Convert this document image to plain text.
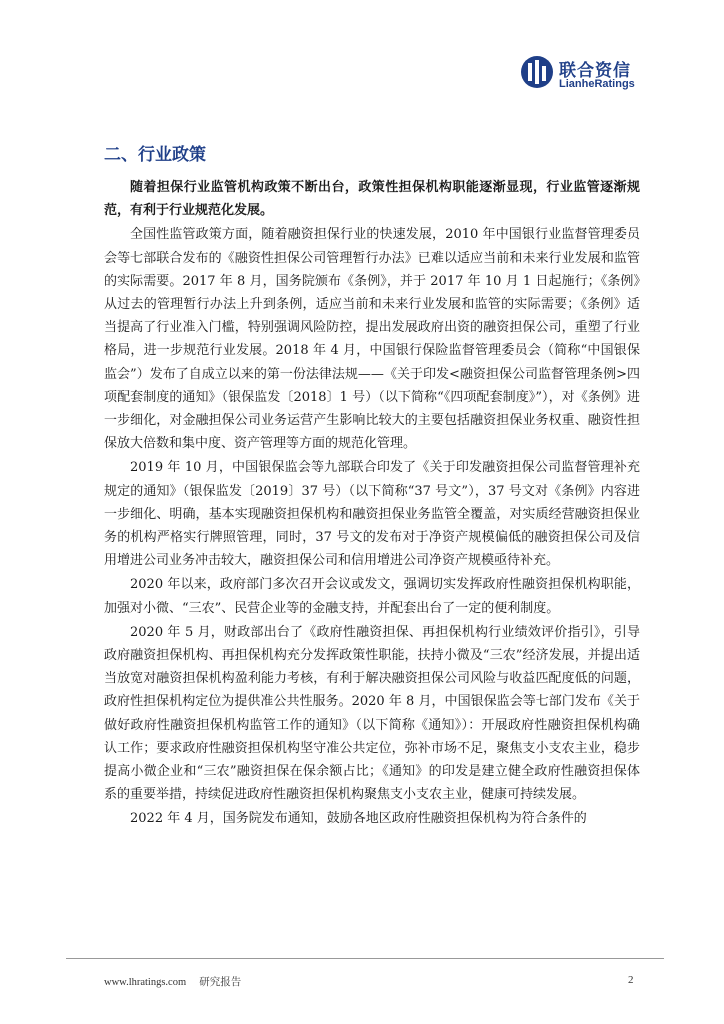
联合资信
LianheRatings
二、行业政策

随着担保行业监管机构政策不断出台，政策性担保机构职能逐渐显现，行业监管逐渐规范，有利于行业规范化发展。

全国性监管政策方面，随着融资担保行业的快速发展，2010 年中国银行业监督管理委员会等七部联合发布的《融资性担保公司管理暂行办法》已难以适应当前和未来行业发展和监管的实际需要。2017 年 8 月，国务院颁布《条例》，并于 2017 年 10 月 1 日起施行；《条例》从过去的管理暂行办法上升到条例，适应当前和未来行业发展和监管的实际需要；《条例》适当提高了行业准入门槛，特别强调风险防控，提出发展政府出资的融资担保公司，重塑了行业格局，进一步规范行业发展。2018 年 4 月，中国银行保险监督管理委员会（简称“中国银保监会”）发布了自成立以来的第一份法律法规——《关于印发<融资担保公司监督管理条例>四项配套制度的通知》（银保监发〔2018〕1 号）（以下简称“《四项配套制度》”），对《条例》进一步细化，对金融担保公司业务运营产生影响比较大的主要包括融资担保业务权重、融资性担保放大倍数和集中度、资产管理等方面的规范化管理。

2019 年 10 月，中国银保监会等九部联合印发了《关于印发融资担保公司监督管理补充规定的通知》（银保监发〔2019〕37 号）（以下简称“37 号文”），37 号文对《条例》内容进一步细化、明确，基本实现融资担保机构和融资担保业务监管全覆盖，对实质经营融资担保业务的机构严格实行牌照管理，同时，37 号文的发布对于净资产规模偏低的融资担保公司及信用增进公司业务冲击较大，融资担保公司和信用增进公司净资产规模亟待补充。

2020 年以来，政府部门多次召开会议或发文，强调切实发挥政府性融资担保机构职能，加强对小微、“三农”、民营企业等的金融支持，并配套出台了一定的便利制度。

2020 年 5 月，财政部出台了《政府性融资担保、再担保机构行业绩效评价指引》，引导政府融资担保机构、再担保机构充分发挥政策性职能，扶持小微及“三农”经济发展，并提出适当放宽对融资担保机构盈利能力考核，有利于解决融资担保公司风险与收益匹配度低的问题，政府性担保机构定位为提供准公共性服务。2020 年 8 月，中国银保监会等七部门发布《关于做好政府性融资担保机构监管工作的通知》（以下简称《通知》）：开展政府性融资担保机构确认工作；要求政府性融资担保机构坚守准公共定位，弥补市场不足，聚焦支小支农主业，稳步提高小微企业和“三农”融资担保在保余额占比；《通知》的印发是建立健全政府性融资担保体系的重要举措，持续促进政府性融资担保机构聚焦支小支农主业，健康可持续发展。

2022 年 4 月，国务院发布通知，鼓励各地区政府性融资担保机构为符合条件的

www.lhratings.com 研究报告	2
